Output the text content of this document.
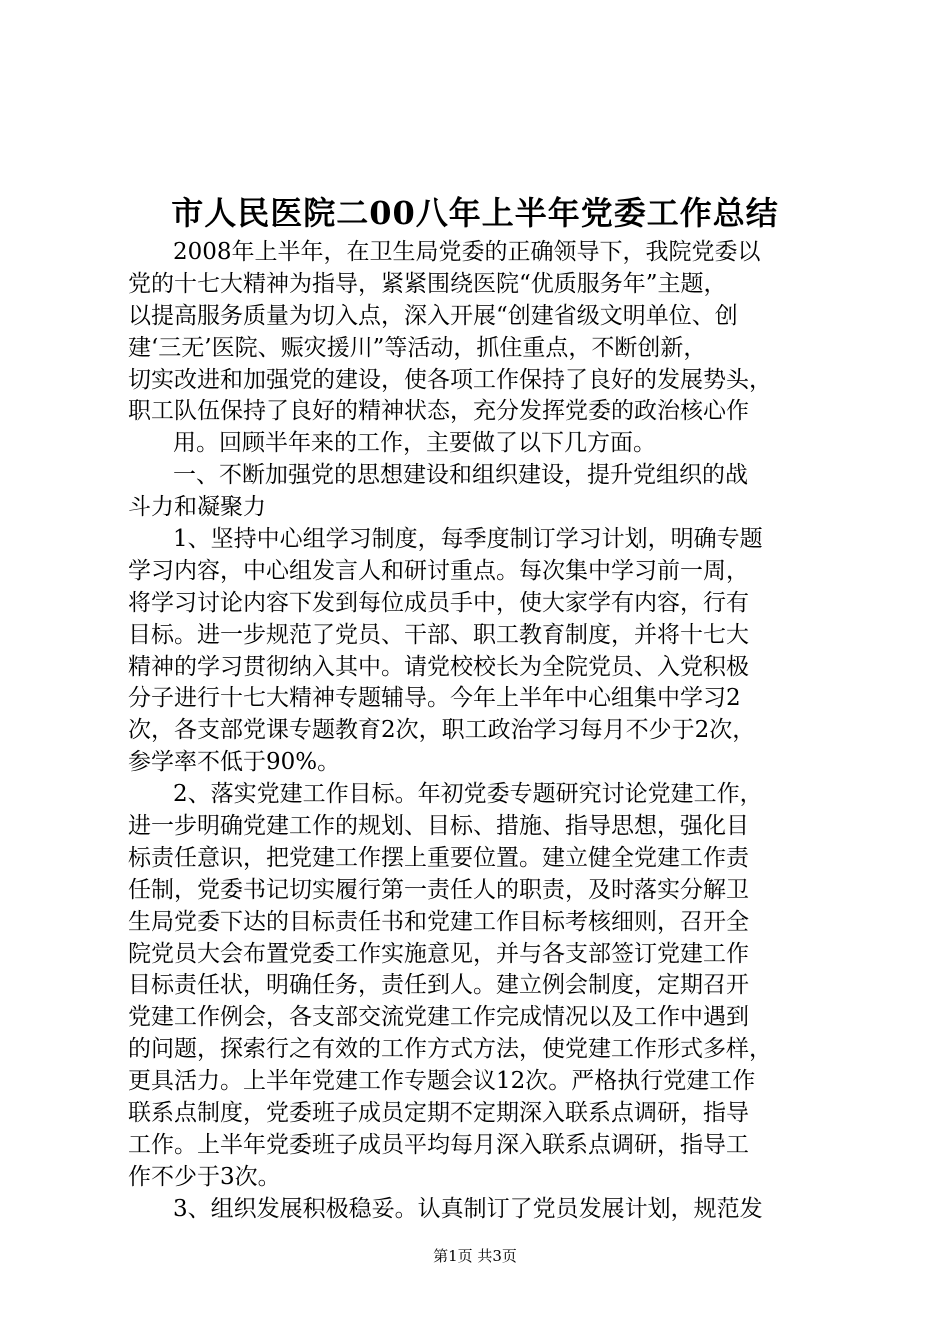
市人民医院二00八年上半年党委工作总结
2008年上半年，在卫生局党委的正确领导下，我院党委以
党的十七大精神为指导，紧紧围绕医院“优质服务年”主题，
以提高服务质量为切入点，深入开展“创建省级文明单位、创
建‘三无’医院、赈灾援川”等活动，抓住重点，不断创新，
切实改进和加强党的建设，使各项工作保持了良好的发展势头，
职工队伍保持了良好的精神状态，充分发挥党委的政治核心作
用。回顾半年来的工作，主要做了以下几方面。
一、不断加强党的思想建设和组织建设，提升党组织的战
斗力和凝聚力
1、坚持中心组学习制度，每季度制订学习计划，明确专题
学习内容，中心组发言人和研讨重点。每次集中学习前一周，
将学习讨论内容下发到每位成员手中，使大家学有内容，行有
目标。进一步规范了党员、干部、职工教育制度，并将十七大
精神的学习贯彻纳入其中。请党校校长为全院党员、入党积极
分子进行十七大精神专题辅导。今年上半年中心组集中学习2
次，各支部党课专题教育2次，职工政治学习每月不少于2次，
参学率不低于90%。
2、落实党建工作目标。年初党委专题研究讨论党建工作，
进一步明确党建工作的规划、目标、措施、指导思想，强化目
标责任意识，把党建工作摆上重要位置。建立健全党建工作责
任制，党委书记切实履行第一责任人的职责，及时落实分解卫
生局党委下达的目标责任书和党建工作目标考核细则，召开全
院党员大会布置党委工作实施意见，并与各支部签订党建工作
目标责任状，明确任务，责任到人。建立例会制度，定期召开
党建工作例会，各支部交流党建工作完成情况以及工作中遇到
的问题，探索行之有效的工作方式方法，使党建工作形式多样，
更具活力。上半年党建工作专题会议12次。严格执行党建工作
联系点制度，党委班子成员定期不定期深入联系点调研，指导
工作。上半年党委班子成员平均每月深入联系点调研，指导工
作不少于3次。
3、组织发展积极稳妥。认真制订了党员发展计划，规范发
第1页 共3页
